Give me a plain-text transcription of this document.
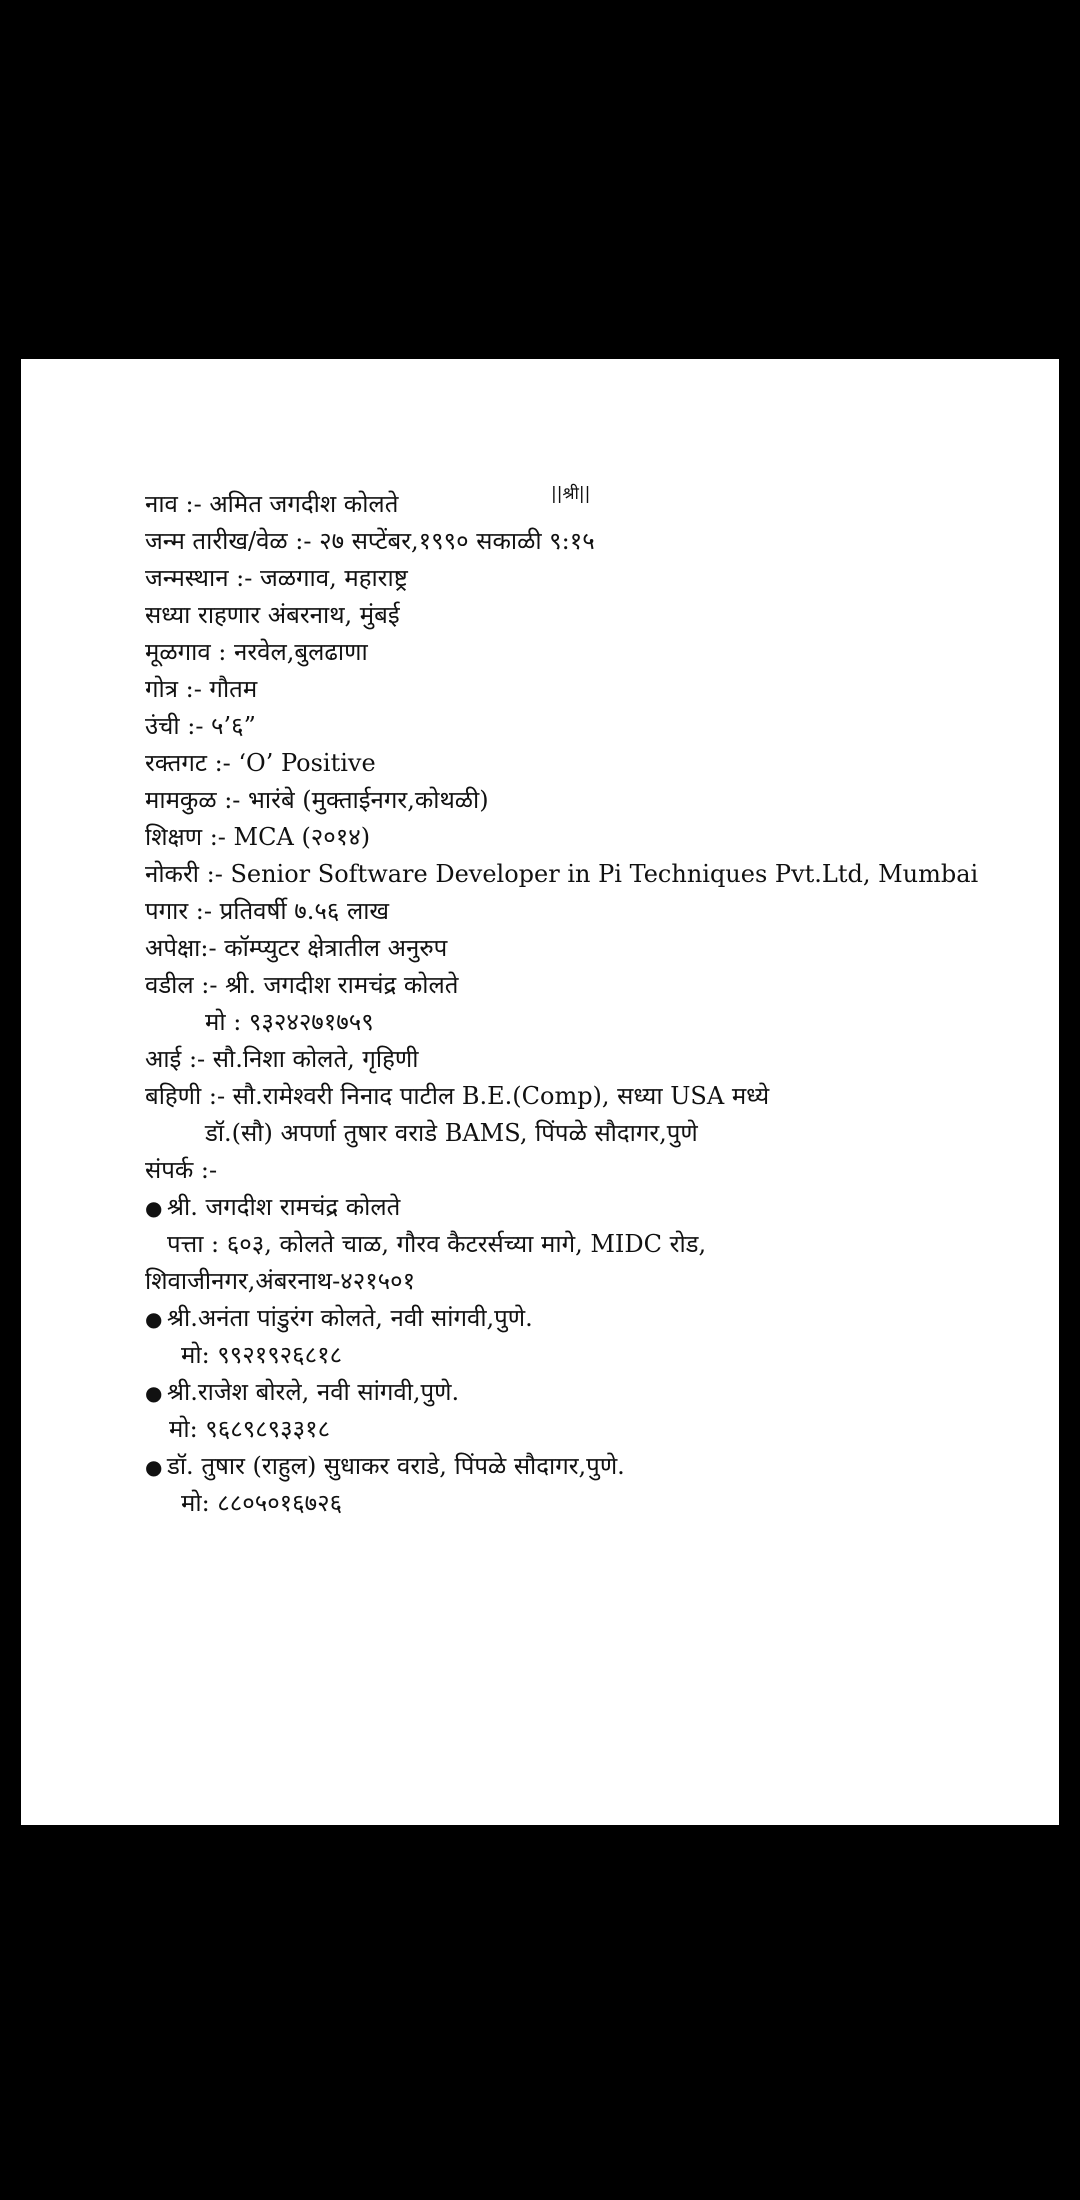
||श्री||
नाव :- अमित जगदीश कोलते
जन्म तारीख/वेळ :- २७ सप्टेंबर,१९९० सकाळी ९:१५
जन्मस्थान :- जळगाव, महाराष्ट्र
सध्या राहणार अंबरनाथ, मुंबई
मूळगाव : नरवेल,बुलढाणा
गोत्र :- गौतम
उंची :- ५’६”
रक्तगट :- ‘O’ Positive
मामकुळ :- भारंबे (मुक्ताईनगर,कोथळी)
शिक्षण :- MCA (२०१४)
नोकरी :- Senior Software Developer in Pi Techniques Pvt.Ltd, Mumbai
पगार :- प्रतिवर्षी ७.५६ लाख
अपेक्षा:- कॉम्प्युटर क्षेत्रातील अनुरुप
वडील :- श्री. जगदीश रामचंद्र कोलते
मो : ९३२४२७१७५९
आई :- सौ.निशा कोलते, गृहिणी
बहिणी :- सौ.रामेश्वरी निनाद पाटील B.E.(Comp), सध्या USA मध्ये
डॉ.(सौ) अपर्णा तुषार वराडे BAMS, पिंपळे सौदागर,पुणे
संपर्क :-
● श्री. जगदीश रामचंद्र कोलते
पत्ता : ६०३, कोलते चाळ, गौरव कैटरर्सच्या मागे, MIDC रोड,
शिवाजीनगर,अंबरनाथ-४२१५०१
● श्री.अनंता पांडुरंग कोलते, नवी सांगवी,पुणे.
मो: ९९२१९२६८१८
● श्री.राजेश बोरले, नवी सांगवी,पुणे.
मो: ९६८९८९३३१८
● डॉ. तुषार (राहुल) सुधाकर वराडे, पिंपळे सौदागर,पुणे.
मो: ८८०५०१६७२६
